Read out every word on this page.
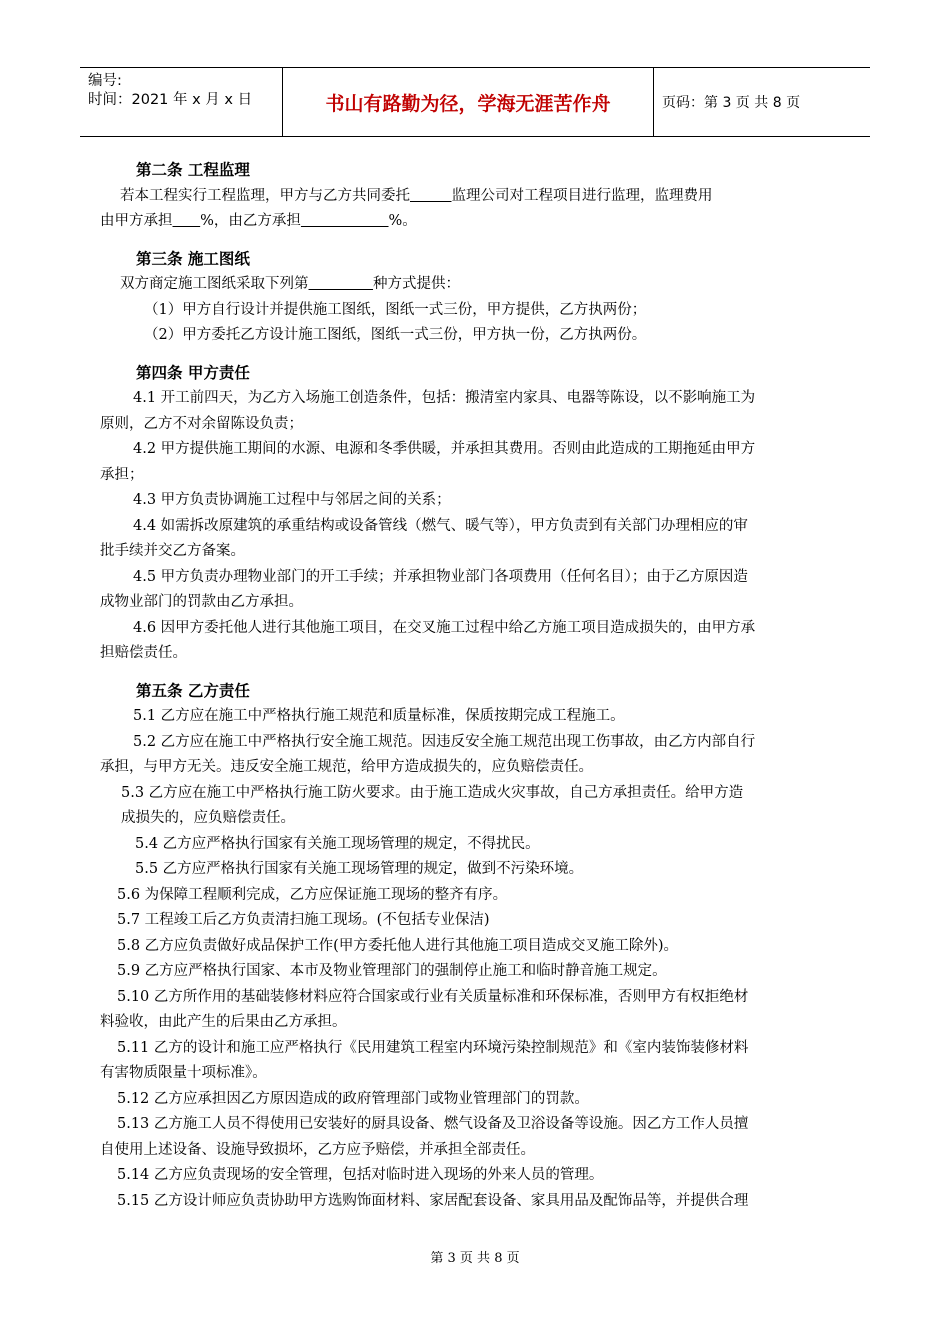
编号:
时间：2021 年 x 月 x 日	书山有路勤为径，学海无涯苦作舟	页码：第 3 页 共 8 页

第二条 工程监理

若本工程实行工程监理，甲方与乙方共同委托	监理公司对工程项目进行监理，监理费用

由甲方承担 %，由乙方承担	%。

第三条 施工图纸

双方商定施工图纸采取下列第	种方式提供：

（1）甲方自行设计并提供施工图纸，图纸一式三份，甲方提供，乙方执两份；

（2）甲方委托乙方设计施工图纸，图纸一式三份，甲方执一份，乙方执两份。

第四条 甲方责任

4.1 开工前四天，为乙方入场施工创造条件，包括：搬清室内家具、电器等陈设，以不影响施工为

原则，乙方不对余留陈设负责；

4.2 甲方提供施工期间的水源、电源和冬季供暖，并承担其费用。否则由此造成的工期拖延由甲方

承担；

4.3 甲方负责协调施工过程中与邻居之间的关系；

4.4 如需拆改原建筑的承重结构或设备管线（燃气、暖气等），甲方负责到有关部门办理相应的审

批手续并交乙方备案。

4.5 甲方负责办理物业部门的开工手续；并承担物业部门各项费用（任何名目）；由于乙方原因造

成物业部门的罚款由乙方承担。

4.6 因甲方委托他人进行其他施工项目，在交叉施工过程中给乙方施工项目造成损失的，由甲方承

担赔偿责任。

第五条 乙方责任

5.1 乙方应在施工中严格执行施工规范和质量标准，保质按期完成工程施工。

5.2 乙方应在施工中严格执行安全施工规范。因违反安全施工规范出现工伤事故，由乙方内部自行

承担，与甲方无关。违反安全施工规范，给甲方造成损失的，应负赔偿责任。

5.3 乙方应在施工中严格执行施工防火要求。由于施工造成火灾事故，自己方承担责任。给甲方造

成损失的，应负赔偿责任。

5.4 乙方应严格执行国家有关施工现场管理的规定，不得扰民。

5.5 乙方应严格执行国家有关施工现场管理的规定，做到不污染环境。

5.6 为保障工程顺利完成，乙方应保证施工现场的整齐有序。

5.7 工程竣工后乙方负责清扫施工现场。(不包括专业保洁)

5.8 乙方应负责做好成品保护工作(甲方委托他人进行其他施工项目造成交叉施工除外)。

5.9 乙方应严格执行国家、本市及物业管理部门的强制停止施工和临时静音施工规定。

5.10 乙方所作用的基础装修材料应符合国家或行业有关质量标准和环保标准，否则甲方有权拒绝材

料验收，由此产生的后果由乙方承担。

5.11 乙方的设计和施工应严格执行《民用建筑工程室内环境污染控制规范》和《室内装饰装修材料

有害物质限量十项标准》。

5.12 乙方应承担因乙方原因造成的政府管理部门或物业管理部门的罚款。

5.13 乙方施工人员不得使用已安装好的厨具设备、燃气设备及卫浴设备等设施。因乙方工作人员擅

自使用上述设备、设施导致损坏，乙方应予赔偿，并承担全部责任。

5.14 乙方应负责现场的安全管理，包括对临时进入现场的外来人员的管理。

5.15 乙方设计师应负责协助甲方选购饰面材料、家居配套设备、家具用品及配饰品等，并提供合理

第 3 页 共 8 页
